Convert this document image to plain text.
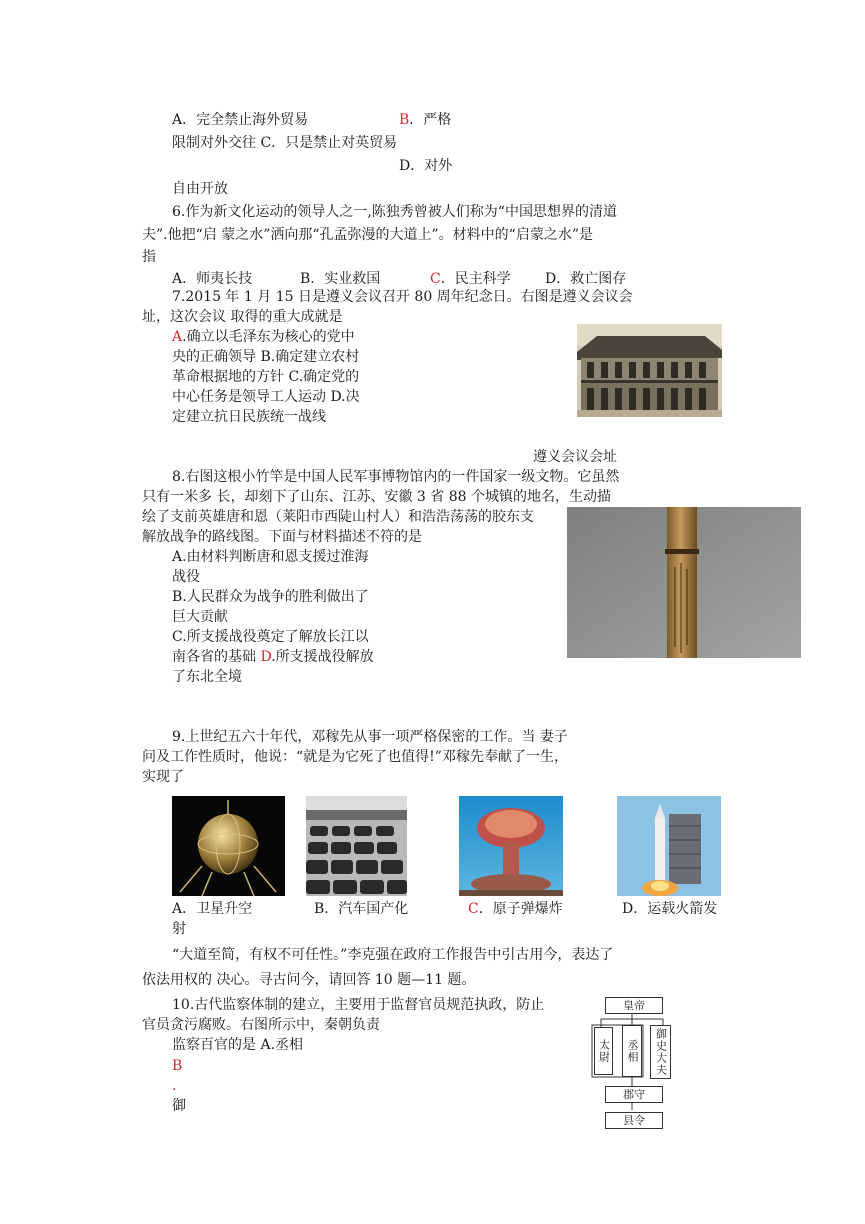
A．完全禁止海外贸易	B．严格
限制对外交往 C．只是禁止对英贸易
D．对外
自由开放
6.作为新文化运动的领导人之一,陈独秀曾被人们称为“中国思想界的清道
夫”.他把“启 蒙之水”洒向那“孔孟弥漫的大道上”。材料中的“启蒙之水”是
指
A．师夷长技	B．实业救国	C．民主科学 D．救亡图存
7.2015 年 1 月 15 日是遵义会议召开 80 周年纪念日。右图是遵义会议会
址，这次会议 取得的重大成就是
A.确立以毛泽东为核心的党中
央的正确领导 B.确定建立农村
革命根据地的方针 C.确定党的
中心任务是领导工人运动 D.决
定建立抗日民族统一战线
遵义会议会址
8.右图这根小竹竿是中国人民军事博物馆内的一件国家一级文物。它虽然
只有一米多 长，却刻下了山东、江苏、安徽 3 省 88 个城镇的地名，生动描
绘了支前英雄唐和恩（莱阳市西陡山村人）和浩浩荡荡的胶东支
解放战争的路线图。下面与材料描述不符的是
A.由材料判断唐和恩支援过淮海
战役
B.人民群众为战争的胜利做出了
巨大贡献
C.所支援战役奠定了解放长江以
南各省的基础 D.所支援战役解放
了东北全境
9.上世纪五六十年代，邓稼先从事一项严格保密的工作。当 妻子
问及工作性质时，他说：“就是为它死了也值得!”邓稼先奉献了一生，
实现了
A．卫星升空
射
B．汽车国产化	C．原子弹爆炸	D．运载火箭发
“大道至简，有权不可任性。”李克强在政府工作报告中引古用今，表达了
依法用权的 决心。寻古问今，请回答 10 题—11 题。
10.古代监察体制的建立，主要用于监督官员规范执政，防止
官员贪污腐败。右图所示中，秦朝负责
监察百官的是 A.丞相
B
.
御
皇帝
太尉 丞相 御史大夫
郡守
县令
